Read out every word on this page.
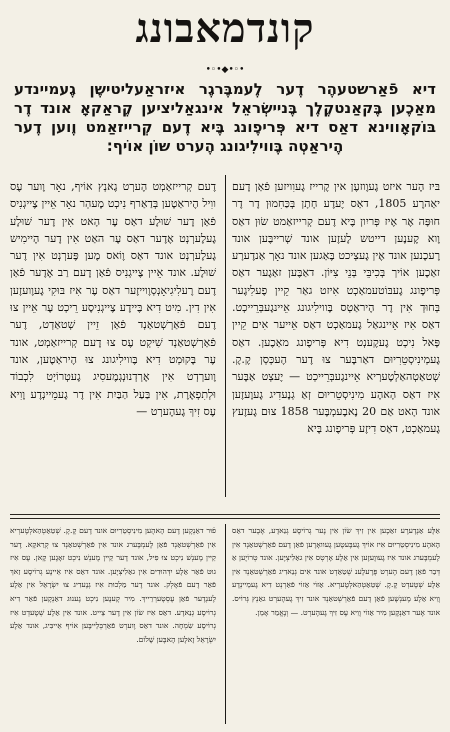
קונדמאבונג
•◦•◆•◦•
דיא פֿאַרשטעהֶר דֶער לֶעמבֶּרגֶר איזראַעליטישֶן גֶעמיינדע מאַכֶען בֶּקאַנטקֶלֶך בֶּניישְׂראֵל אינגאַליציען קֶראַקאָ אונד דֶר בּוֹקאָווינא דאַס דיא פְּריפֶונג בֶּיא דֶעם קְרייזאַמט וֶוען דֶער הֶיראַטְה בֶּווילִיגונג הֶערט שוֹן אוֹיף:

בּיז הֶער איזט גֶעוֶוזעֶן אין קֶרייז גֶעוִויזען פֿאַן דֶעם יאַהרֶע 1805, דאַס יֶעדֶע חָתָן בְּכַּחִמוּן דֶר דֶר חוּפָּה אֶר אֶיז פְּריִון בֶּיא דֶעם קְרייזאַמט שׂוּן דאַס וֶוא קֶענֶען דייטש לֶעזֶען אונד שְׁרייבֶּען אונד רֶעכֶנען אונד אֶין גֶעצְיכט בֶּאַגען אונד נאָך אַנדֶערָע זאַכֶען אוֹיך בְּכִיבֵּי בְּנֵי צִיּוֹן. דאַבֶּען זאַגֶער דאַס פְּריפֶונג גֶעבּוֹטעמאַכְט אִיזט גאַר קֵיין פֶעלִיגֶער בְּחוּדְ אִין דֶר הֶיראַטְס בֶּווילִיגונג אֵיינגֶעבְּרֵייכְט. דאַס אִיז אֵיינגאַל גֶעמאַכְט דאַס אֵייער אִים קֵיין פָּאל נִיכְט גֶעקֶענְט דִיא פְּריפֶונג מאַכֶען. דאַס גֶעמְינִיסְטֵרִיוּם דאַרבֶּער צוּ דֶער הֶעכְּסְן קֶ.קֶ. שְׁטאַטְהאַלְטֶערְיא אֵיינגֶעבְּרֵייכְט — יֶעצְט אַבֶּער אִיז דאַס הָאהֶע מִינִיסְטֵריוּם זְאַ גְנֶעדִיג גֶעוֶעזֶען אונד הָאט אַם 20 נֶאבֶעמְבֶּער 1858 צוּם גֶעזֶעץ גֶעמאַכְט, דאַס דִיזֶע פְּריפֶונג בֶּיא

דֶעם קְרייזאַמְט הֶערְט גֶאנְץ אוֹיף, נאָר וֶוער עֶס ווִיל הֶיראַטֶען בְּדַאַרף נִיכְט מֶעהְר נאָר אֵיין צֶייגְנִיס פֿאַן דֶער שׁוּלֶע דאַס עֶר הָאט אִין דֶער שׁוּלֶע גֶעלֶערְנְט אֶדֶער דאַס עֶר האַט אִין דֶער הֶיימִיש גֶעלֶערְנְט אונד דאַס וֶוֹאס מֶען פֶּערְנְט אִין דֶער שׁוּלֶע. אונד אֵיין צֶייגְנִיס פֿאַן דֶעם רַב אֶדֶער פֿאַן דֶעם רֶעלִיגִיאָנְסְוֶוייזֶער דאַס עֶר אִיז בּוּקִי גֶעוֶועזֶען אִין דִין. מִיט דִיא בֶּיידֶע צֶייגְנִיסֶע רֵיכְט עֶר אֵיין צוּ דֶעם פֿאַרְשְׁטאַנְד פֿאַן זֵיין שְׁטאַדְט, דֶער פֿאַרְשְׁטאַנְד שִׁיקְט עֶס צוּ דֶעם קְרייזאַמְט, אונד עֶר בֶּקוּמְט דִיא בֶּווילִיגונג צוּ הֶיראַטֶען, אונד וֶוערְדְט אִין אֶרְדְנוּנְגְמֶעסִיג גֶעטְרוֹיְט לִכְבוֹד וּלְתִפְאֶרֶת, אִין בַּעַל הַבַּיִת אִין דֶר גֶעמֵיינְדֶע וֶוִיא עֶס זִיךְ גֶעהֶערְט —

אַלֶּע אַנְדֶערֶע זאַכֶען אִין זִיךְ שׂוֹן אִין נֶער גְרוֹיסֶע גְנַאדֶע, אֶבֶער דאַס הָאהֶע מִינִיסְטֵרִיוּם אִיז אוֹיךְ גֶעבֶּעטֶען גֶעוואָרֶען פֿאַן דֶעם פֿאַרְשְׁטאַנְד אִין לֶעמְבֶּערג אונד אִיז גֶעווֶעזֶען אִין אַלֶע אָרְטְס אִין גאַלִיצְיֶען. אונד טְרוֹיֶען אַ דְּבַר פֿאַן דֶעם הֶערְט פֶּרֶעלֶענ שְׁטַאַדְט אונד אִים גְנַאדִיג פֿאַרְשְׁטאַנְד אִין אַלֶע שְׁטֶעדְט קֶ.קֶ. שְׁטַאַטְהַאלְטֶערְיא. אַזוֹי אַזוֹי פֿאַרְנְט דִיא גֶעמֵיינְדֶע וֶוִיא אַלֶע מֶענְשֶׁען פֿאַן דֶעם פֿאַרְשְׁטאַנְד אונד זִיךְ גֶעהֶערְט גאַנְץ גְּרוֹיס. אונד אֶער דאַנְקֶען מִיר אַזוֹי וֶוִיא עֶס זִיךְ גֶעהֶערְט. — וְנֶאֱמַר אָמֵן.

פֿוּר דאַנְקֶען דֶעם הָאהֶען מִינִיסְטֵרִיוּם אונד דֶעם קֶ.קֶ. שְׁטַאַטְהַאלְטֶערְיא אִין פֿאַרְשְׁטאַנְד פֿאַן לֶעמְבֶּערג אונד אִין פֿאַרְשְׁטאַנְד צוּ קְרַאקָא. דֶער קֵיין מֶענְשׁ נִיכְט צוּ פִיל, אונד דֶער קֵיין מֶענְשׁ נִיכְט זאָגֶען קָאן. עֶס אִיז גוּט פֿאַר אַלֶע יִדְּהוּדִים אִין גאַלִיצְיֶען. אונד דאַס אִיז אֵיינֶע גְרוֹיסֶע זַאךְ פֿאַר דֶעם פֿאָלְק. אונד דֶער מַלְכוּת אִיז גְנֶעדִיג צוּ יִשְׂרָאֵל אִין אַלֶע לֶענְדֶער פֿאַן עֶסְטֶערְרֵייךְ. מִיר קֶענֶען נִיכְט גֶענוּג דאַנְקֶען פֿאַר דִיא גְרוֹיסֶע גְנַאדֶע. דאַס אִיז שׂוֹן אִין דֶער צֵייט. אונד אִין אַלֶע שְׁטֶעדְט אִיז גְרוֹיסֶע שִׂמְחָה. אונד דאַס וֶוערְט פֿאַרְבְּלֵייבֶּען אוֹיף אֵייבִּיג, אונד אַלֶע יִשְׂרָאֵל זָאלֶען הָאבֶּען שָׁלוֹם.
